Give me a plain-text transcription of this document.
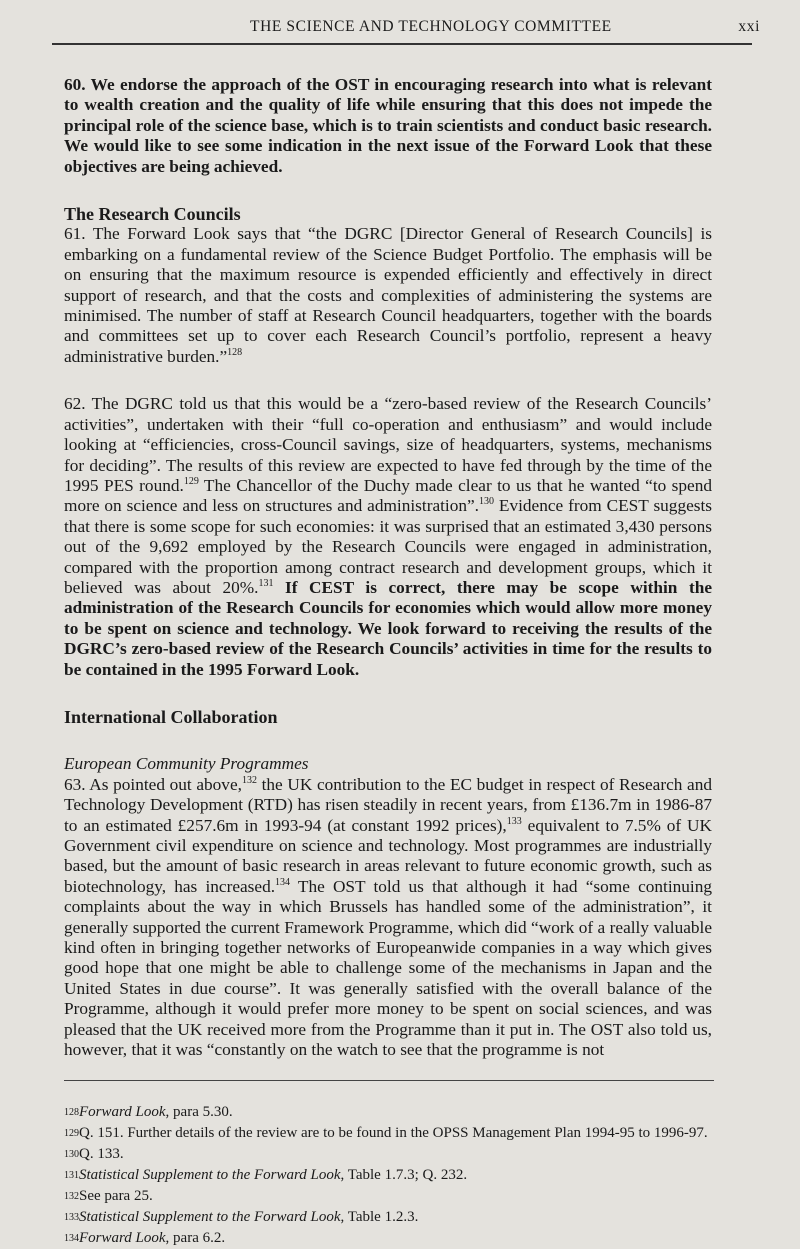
THE SCIENCE AND TECHNOLOGY COMMITTEE	xxi

60. We endorse the approach of the OST in encouraging research into what is relevant to wealth creation and the quality of life while ensuring that this does not impede the principal role of the science base, which is to train scientists and conduct basic research. We would like to see some indication in the next issue of the Forward Look that these objectives are being achieved.

The Research Councils

61. The Forward Look says that “the DGRC [Director General of Research Councils] is embarking on a fundamental review of the Science Budget Portfolio. The emphasis will be on ensuring that the maximum resource is expended efficiently and effectively in direct support of research, and that the costs and complexities of administering the systems are minimised. The number of staff at Research Council headquarters, together with the boards and committees set up to cover each Research Council’s portfolio, represent a heavy administrative burden.”$^{128}$

62. The DGRC told us that this would be a “zero-based review of the Research Councils’ activities”, undertaken with their “full co-operation and enthusiasm” and would include looking at “efficiencies, cross-Council savings, size of headquarters, systems, mechanisms for deciding”. The results of this review are expected to have fed through by the time of the 1995 PES round.$^{129}$ The Chancellor of the Duchy made clear to us that he wanted “to spend more on science and less on structures and administration”.$^{130}$ Evidence from CEST suggests that there is some scope for such economies: it was surprised that an estimated 3,430 persons out of the 9,692 employed by the Research Councils were engaged in administration, compared with the proportion among contract research and development groups, which it believed was about 20%.$^{131}$ If CEST is correct, there may be scope within the administration of the Research Councils for economies which would allow more money to be spent on science and technology. We look forward to receiving the results of the DGRC’s zero-based review of the Research Councils’ activities in time for the results to be contained in the 1995 Forward Look.

International Collaboration
European Community Programmes

63. As pointed out above,$^{132}$ the UK contribution to the EC budget in respect of Research and Technology Development (RTD) has risen steadily in recent years, from £136.7m in 1986-87 to an estimated £257.6m in 1993-94 (at constant 1992 prices),$^{133}$ equivalent to 7.5% of UK Government civil expenditure on science and technology. Most programmes are industrially based, but the amount of basic research in areas relevant to future economic growth, such as biotechnology, has increased.$^{134}$ The OST told us that although it had “some continuing complaints about the way in which Brussels has handled some of the administration”, it generally supported the current Framework Programme, which did “work of a really valuable kind often in bringing together networks of Europeanwide companies in a way which gives good hope that one might be able to challenge some of the mechanisms in Japan and the United States in due course”. It was generally satisfied with the overall balance of the Programme, although it would prefer more money to be spent on social sciences, and was pleased that the UK received more from the Programme than it put in. The OST also told us, however, that it was “constantly on the watch to see that the programme is not

$^{128}$Forward Look, para 5.30.
$^{129}$Q. 151. Further details of the review are to be found in the OPSS Management Plan 1994-95 to 1996-97.
$^{130}$Q. 133.
$^{131}$Statistical Supplement to the Forward Look, Table 1.7.3; Q. 232.
$^{132}$See para 25.
$^{133}$Statistical Supplement to the Forward Look, Table 1.2.3.
$^{134}$Forward Look, para 6.2.
